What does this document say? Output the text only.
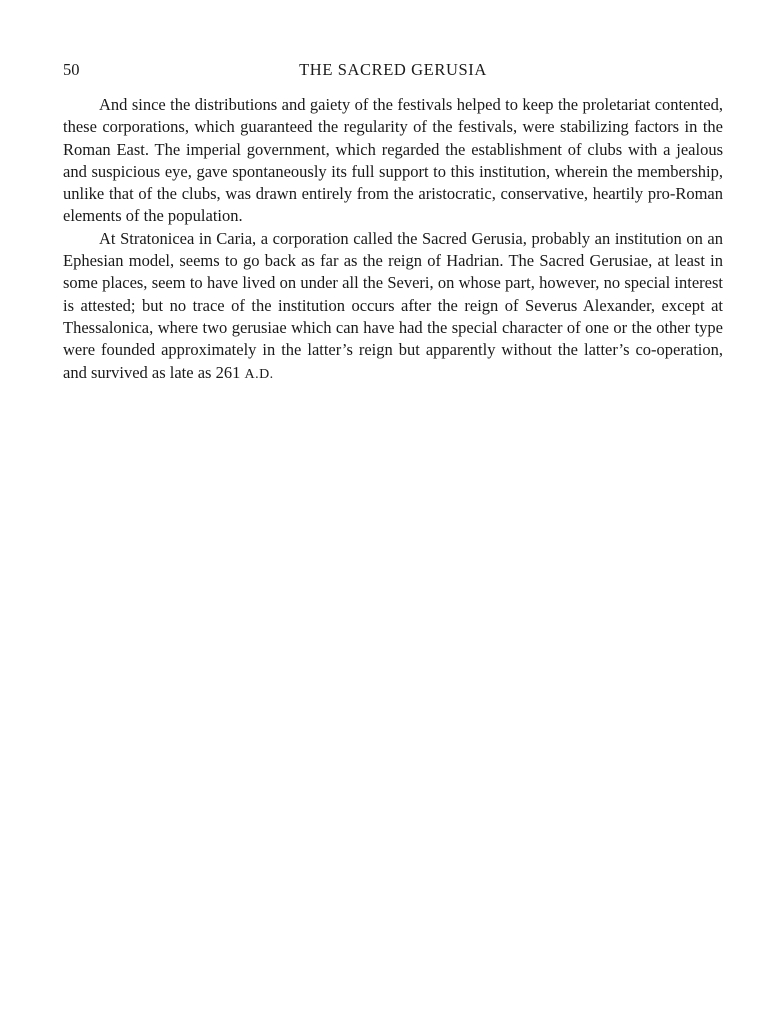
50	THE SACRED GERUSIA

And since the distributions and gaiety of the festivals helped to keep the proletariat contented, these corporations, which guaranteed the regularity of the festivals, were stabilizing factors in the Roman East. The imperial government, which regarded the establishment of clubs with a jealous and suspicious eye, gave spontaneously its full support to this institution, wherein the membership, unlike that of the clubs, was drawn entirely from the aristocratic, conservative, heartily pro-Roman elements of the population.

At Stratonicea in Caria, a corporation called the Sacred Gerusia, probably an institution on an Ephesian model, seems to go back as far as the reign of Hadrian. The Sacred Gerusiae, at least in some places, seem to have lived on under all the Severi, on whose part, however, no special interest is attested; but no trace of the institution occurs after the reign of Severus Alexander, except at Thessalonica, where two gerusiae which can have had the special character of one or the other type were founded approximately in the latter’s reign but apparently without the latter’s co-operation, and survived as late as 261 A.D.
